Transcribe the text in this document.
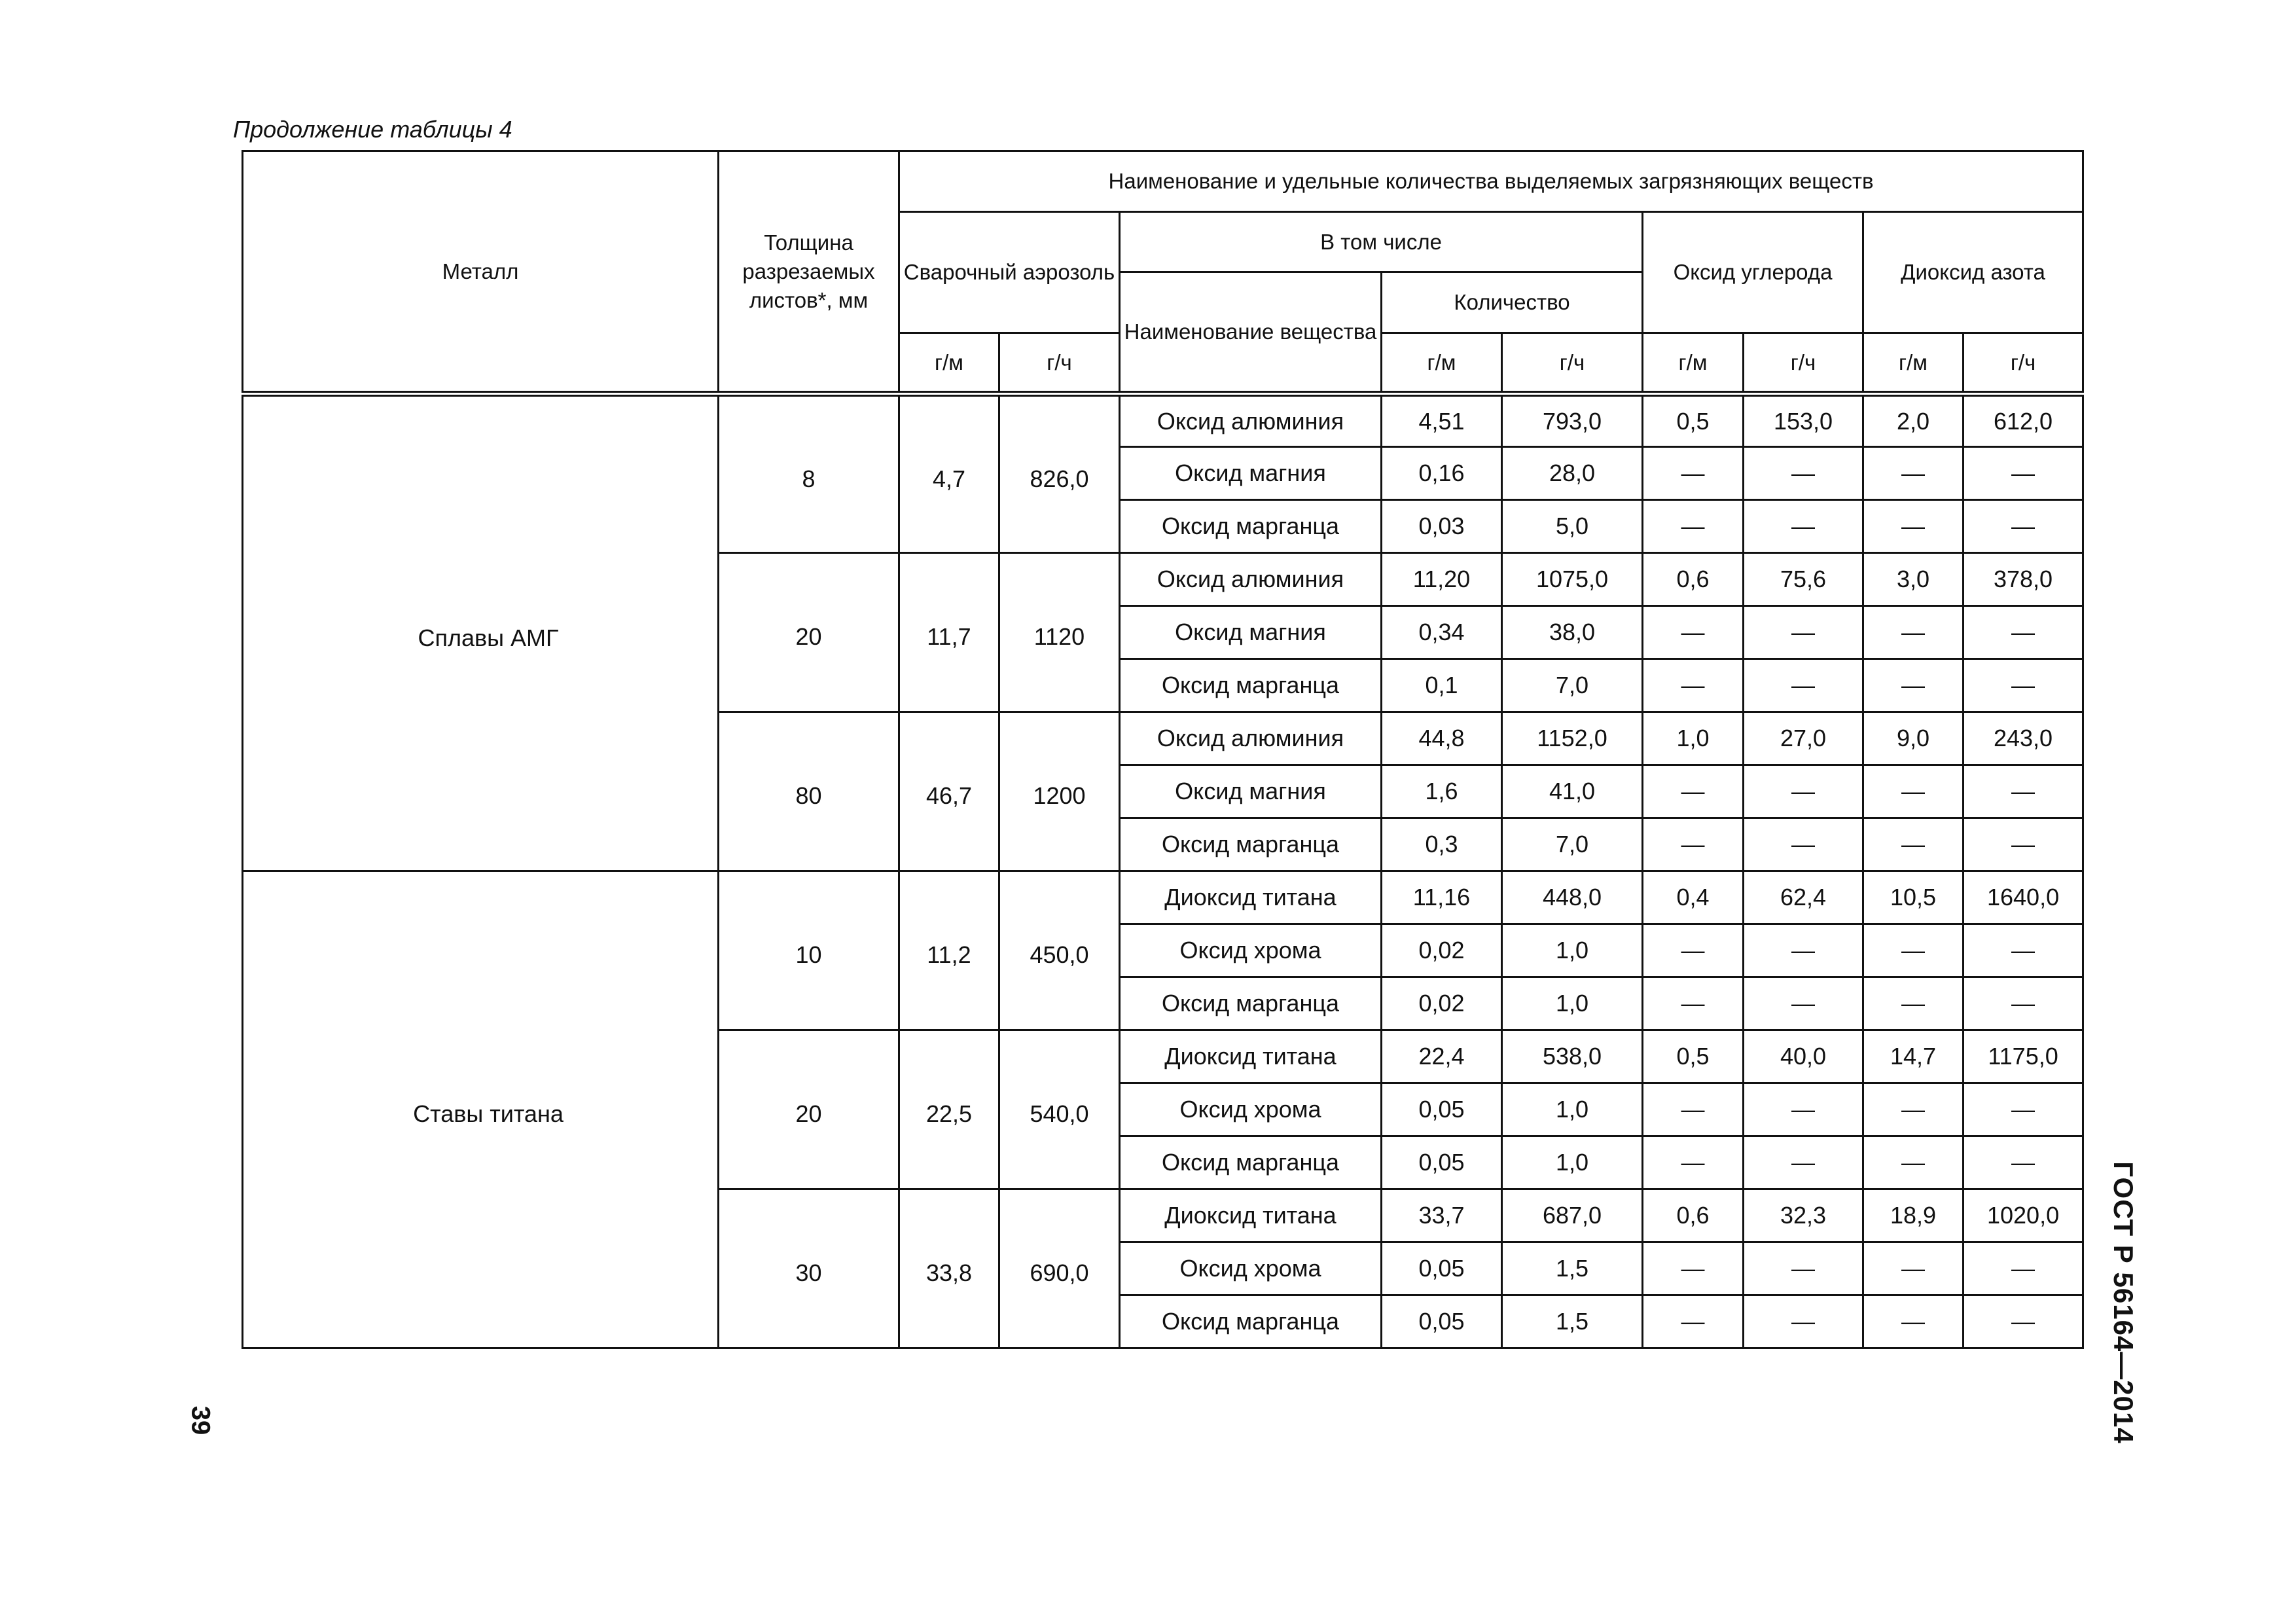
Продолжение таблицы 4
Металл	Толщина разрезаемых листов*, мм	Наименование и удельные количества выделяемых загрязняющих веществ								
		Сварочный аэрозоль		В том числе			Оксид углерода		Диоксид азота	
				Наименование вещества	Количество					
		г/м	г/ч		г/м	г/ч	г/м	г/ч	г/м	г/ч
Сплавы АМГ	8	4,7	826,0	Оксид алюминия	4,51	793,0	0,5	153,0	2,0	612,0
				Оксид магния	0,16	28,0	—	—	—	—
				Оксид марганца	0,03	5,0	—	—	—	—
	20	11,7	1120	Оксид алюминия	11,20	1075,0	0,6	75,6	3,0	378,0
				Оксид магния	0,34	38,0	—	—	—	—
				Оксид марганца	0,1	7,0	—	—	—	—
	80	46,7	1200	Оксид алюминия	44,8	1152,0	1,0	27,0	9,0	243,0
				Оксид магния	1,6	41,0	—	—	—	—
				Оксид марганца	0,3	7,0	—	—	—	—
Ставы титана	10	11,2	450,0	Диоксид титана	11,16	448,0	0,4	62,4	10,5	1640,0
				Оксид хрома	0,02	1,0	—	—	—	—
				Оксид марганца	0,02	1,0	—	—	—	—
	20	22,5	540,0	Диоксид титана	22,4	538,0	0,5	40,0	14,7	1175,0
				Оксид хрома	0,05	1,0	—	—	—	—
				Оксид марганца	0,05	1,0	—	—	—	—
	30	33,8	690,0	Диоксид титана	33,7	687,0	0,6	32,3	18,9	1020,0
				Оксид хрома	0,05	1,5	—	—	—	—
				Оксид марганца	0,05	1,5	—	—	—	—	ГОСТ Р 56164—2014
39
